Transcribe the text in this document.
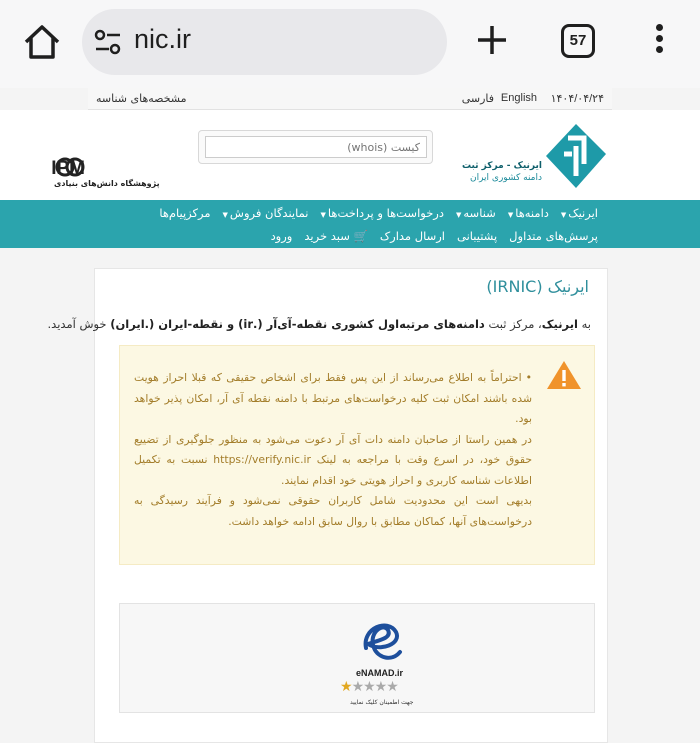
nic.ir	57
۱۴۰۴/۰۴/۲۴
English
فارسی
مشخصه‌های شناسه
ایرنیک - مرکز ثبت
دامنه کشوری ایران
کیست (whois)
IPM
پژوهشگاه دانش‌های بنیادی
ایرنیک▼
دامنه‌ها▼
شناسه▼
درخواست‌ها و پرداخت‌ها▼
نمایندگان فروش▼
مرکزپیام‌ها
پرسش‌های متداول
پشتیبانی
ارسال مدارک
🛒 سبد خرید
ورود
ایرنیک (IRNIC)
به ایرنیک، مرکز ثبت دامنه‌های مرتبه‌اول کشوری نقطه-آی‌آر (.ir) و نقطه-ایران (.ایران) خوش آمدید.

•احتراماً به اطلاع می‌رساند از این پس فقط برای اشخاص حقیقی که قبلا احراز هویت شده باشند امکان ثبت کلیه درخواست‌های مرتبط با دامنه نقطه آی آر، امکان پذیر خواهد بود.

در همین راستا از صاحبان دامنه دات آی آر دعوت می‌شود به منظور جلوگیری از تضییع حقوق خود، در اسرع وقت با مراجعه به لینک https://verify.nic.ir نسبت به تکمیل اطلاعات شناسه کاربری و احراز هویتی خود اقدام نمایند.

بدیهی است این محدودیت شامل کاربران حقوقی نمی‌شود و فرآیند رسیدگی به درخواست‌های آنها، کماکان مطابق با روال سابق ادامه خواهد داشت.

eNAMAD.ir
★★★★★
جهت اطمینان کلیک نمایید
